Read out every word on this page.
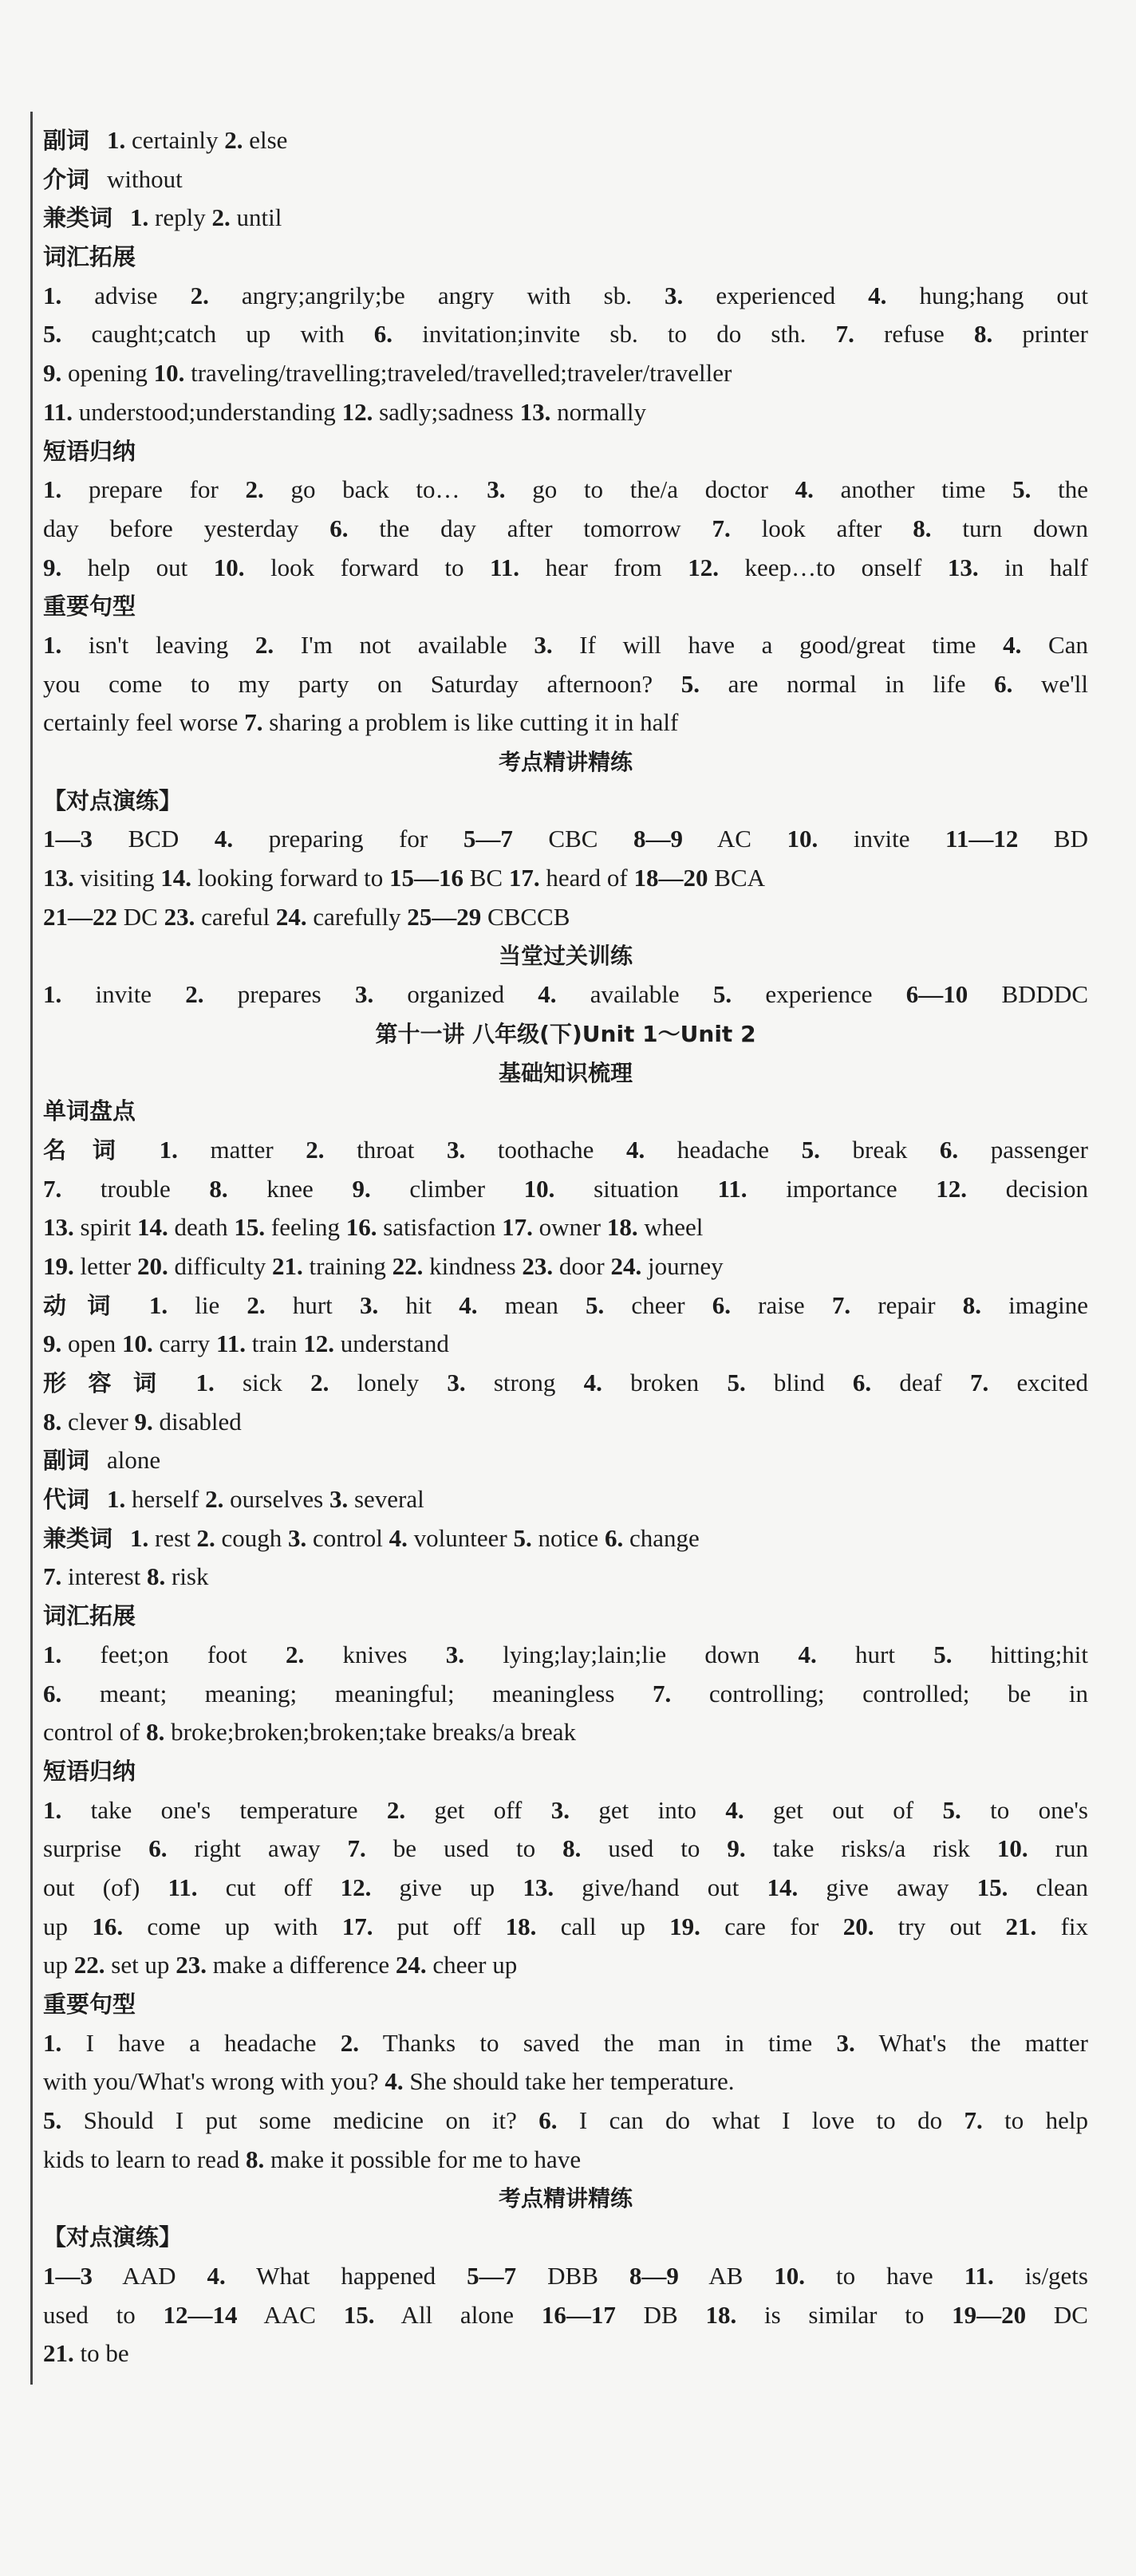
副词 1. certainly 2. else
介词 without
兼类词 1. reply 2. until
词汇拓展
1. advise 2. angry;angrily;be angry with sb. 3. experienced 4. hung;hang out
5. caught;catch up with 6. invitation;invite sb. to do sth. 7. refuse 8. printer
9. opening 10. traveling/travelling;traveled/travelled;traveler/traveller
11. understood;understanding 12. sadly;sadness 13. normally
短语归纳
1. prepare for 2. go back to… 3. go to the/a doctor 4. another time 5. the
day before yesterday 6. the day after tomorrow 7. look after 8. turn down
9. help out 10. look forward to 11. hear from 12. keep…to onself 13. in half
重要句型
1. isn't leaving 2. I'm not available 3. If will have a good/great time 4. Can
you come to my party on Saturday afternoon? 5. are normal in life 6. we'll
certainly feel worse 7. sharing a problem is like cutting it in half
考点精讲精练
【对点演练】
1—3 BCD 4. preparing for 5—7 CBC 8—9 AC 10. invite 11—12 BD
13. visiting 14. looking forward to 15—16 BC 17. heard of 18—20 BCA
21—22 DC 23. careful 24. carefully 25—29 CBCCB
当堂过关训练
1. invite 2. prepares 3. organized 4. available 5. experience 6—10 BDDDC
第十一讲 八年级(下)Unit 1～Unit 2
基础知识梳理
单词盘点
名词 1. matter 2. throat 3. toothache 4. headache 5. break 6. passenger
7. trouble 8. knee 9. climber 10. situation 11. importance 12. decision
13. spirit 14. death 15. feeling 16. satisfaction 17. owner 18. wheel
19. letter 20. difficulty 21. training 22. kindness 23. door 24. journey
动词 1. lie 2. hurt 3. hit 4. mean 5. cheer 6. raise 7. repair 8. imagine
9. open 10. carry 11. train 12. understand
形容词 1. sick 2. lonely 3. strong 4. broken 5. blind 6. deaf 7. excited
8. clever 9. disabled
副词 alone
代词 1. herself 2. ourselves 3. several
兼类词 1. rest 2. cough 3. control 4. volunteer 5. notice 6. change
7. interest 8. risk
词汇拓展
1. feet;on foot 2. knives 3. lying;lay;lain;lie down 4. hurt 5. hitting;hit
6. meant; meaning; meaningful; meaningless 7. controlling; controlled; be in
control of 8. broke;broken;broken;take breaks/a break
短语归纳
1. take one's temperature 2. get off 3. get into 4. get out of 5. to one's
surprise 6. right away 7. be used to 8. used to 9. take risks/a risk 10. run
out (of) 11. cut off 12. give up 13. give/hand out 14. give away 15. clean
up 16. come up with 17. put off 18. call up 19. care for 20. try out 21. fix
up 22. set up 23. make a difference 24. cheer up
重要句型
1. I have a headache 2. Thanks to saved the man in time 3. What's the matter
with you/What's wrong with you? 4. She should take her temperature.
5. Should I put some medicine on it? 6. I can do what I love to do 7. to help
kids to learn to read 8. make it possible for me to have
考点精讲精练
【对点演练】
1—3 AAD 4. What happened 5—7 DBB 8—9 AB 10. to have 11. is/gets
used to 12—14 AAC 15. All alone 16—17 DB 18. is similar to 19—20 DC
21. to be
